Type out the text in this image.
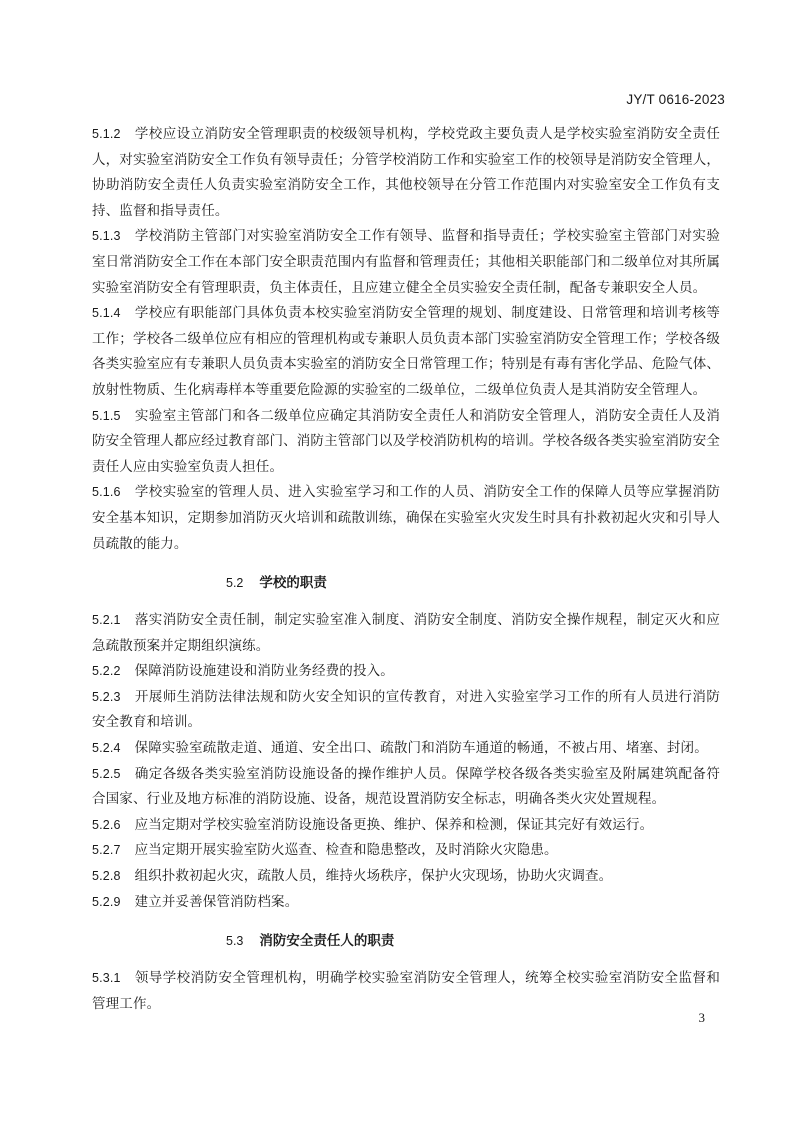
JY/T 0616-2023

5.1.2 学校应设立消防安全管理职责的校级领导机构，学校党政主要负责人是学校实验室消防安全责任人，对实验室消防安全工作负有领导责任；分管学校消防工作和实验室工作的校领导是消防安全管理人，协助消防安全责任人负责实验室消防安全工作，其他校领导在分管工作范围内对实验室安全工作负有支持、监督和指导责任。

5.1.3 学校消防主管部门对实验室消防安全工作有领导、监督和指导责任；学校实验室主管部门对实验室日常消防安全工作在本部门安全职责范围内有监督和管理责任；其他相关职能部门和二级单位对其所属实验室消防安全有管理职责，负主体责任，且应建立健全全员实验安全责任制，配备专兼职安全人员。

5.1.4 学校应有职能部门具体负责本校实验室消防安全管理的规划、制度建设、日常管理和培训考核等工作；学校各二级单位应有相应的管理机构或专兼职人员负责本部门实验室消防安全管理工作；学校各级各类实验室应有专兼职人员负责本实验室的消防安全日常管理工作；特别是有毒有害化学品、危险气体、放射性物质、生化病毒样本等重要危险源的实验室的二级单位，二级单位负责人是其消防安全管理人。

5.1.5 实验室主管部门和各二级单位应确定其消防安全责任人和消防安全管理人，消防安全责任人及消防安全管理人都应经过教育部门、消防主管部门以及学校消防机构的培训。学校各级各类实验室消防安全责任人应由实验室负责人担任。

5.1.6 学校实验室的管理人员、进入实验室学习和工作的人员、消防安全工作的保障人员等应掌握消防安全基本知识，定期参加消防灭火培训和疏散训练，确保在实验室火灾发生时具有扑救初起火灾和引导人员疏散的能力。

5.2 学校的职责

5.2.1 落实消防安全责任制，制定实验室准入制度、消防安全制度、消防安全操作规程，制定灭火和应急疏散预案并定期组织演练。

5.2.2 保障消防设施建设和消防业务经费的投入。

5.2.3 开展师生消防法律法规和防火安全知识的宣传教育，对进入实验室学习工作的所有人员进行消防安全教育和培训。

5.2.4 保障实验室疏散走道、通道、安全出口、疏散门和消防车通道的畅通，不被占用、堵塞、封闭。

5.2.5 确定各级各类实验室消防设施设备的操作维护人员。保障学校各级各类实验室及附属建筑配备符合国家、行业及地方标准的消防设施、设备，规范设置消防安全标志，明确各类火灾处置规程。

5.2.6 应当定期对学校实验室消防设施设备更换、维护、保养和检测，保证其完好有效运行。

5.2.7 应当定期开展实验室防火巡查、检查和隐患整改，及时消除火灾隐患。

5.2.8 组织扑救初起火灾，疏散人员，维持火场秩序，保护火灾现场，协助火灾调查。

5.2.9 建立并妥善保管消防档案。

5.3 消防安全责任人的职责

5.3.1 领导学校消防安全管理机构，明确学校实验室消防安全管理人，统筹全校实验室消防安全监督和管理工作。

3
